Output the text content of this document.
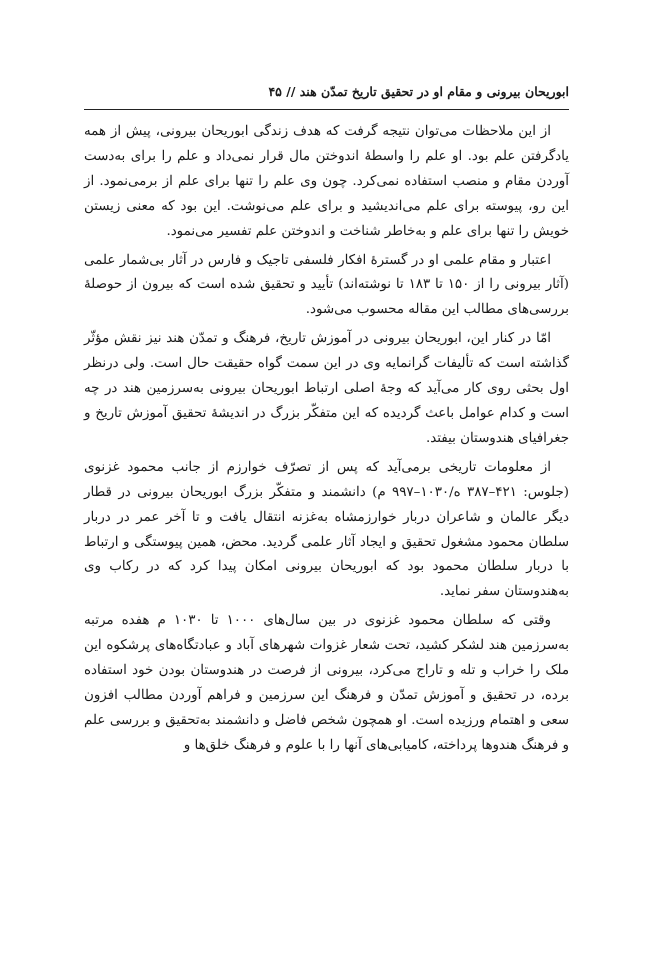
ابوریحان بیرونی و مقام او در تحقیق تاریخ تمدّن هند // ۴۵

از این ملاحظات می‌توان نتیجه گرفت که هدف زندگی ابوریحان بیرونی، پیش از همه یادگرفتن علم بود. او علم را واسطهٔ اندوختن مال قرار نمی‌داد و علم را برای به‌دست آوردن مقام و منصب استفاده نمی‌کرد. چون وی علم را تنها برای علم از برمی‌نمود. از این رو، پیوسته برای علم می‌اندیشید و برای علم می‌نوشت. این بود که معنی زیستن خویش را تنها برای علم و به‌خاطر شناخت و اندوختن علم تفسیر می‌نمود.

اعتبار و مقام علمی او در گسترهٔ افکار فلسفی تاجیک و فارس در آثار بی‌شمار علمی (آثار بیرونی را از ۱۵۰ تا ۱۸۳ تا نوشته‌اند) تأیید و تحقیق شده است که بیرون از حوصلهٔ بررسی‌های مطالب این مقاله محسوب می‌شود.

امّا در کنار این، ابوریحان بیرونی در آموزش تاریخ، فرهنگ و تمدّن هند نیز نقش مؤثّر گذاشته است که تألیفات گرانمایه وی در این سمت گواه حقیقت حال است. ولی درنظر اول بحثی روی کار می‌آید که وجهٔ اصلی ارتباط ابوریحان بیرونی به‌سرزمین هند در چه است و کدام عوامل باعث گردیده که این متفکّر بزرگ در اندیشهٔ تحقیق آموزش تاریخ و جغرافیای هندوستان بیفتد.

از معلومات تاریخی برمی‌آید که پس از تصرّف خوارزم از جانب محمود غزنوی (جلوس: ۴۲۱–۳۸۷ ه/۱۰۳۰–۹۹۷ م) دانشمند و متفکّر بزرگ ابوریحان بیرونی در قطار دیگر عالمان و شاعران دربار خوارزمشاه به‌غزنه انتقال یافت و تا آخر عمر در دربار سلطان محمود مشغول تحقیق و ایجاد آثار علمی گردید. محض، همین پیوستگی و ارتباط با دربار سلطان محمود بود که ابوریحان بیرونی امکان پیدا کرد که در رکاب وی به‌هندوستان سفر نماید.

وقتی که سلطان محمود غزنوی در بین سال‌های ۱۰۰۰ تا ۱۰۳۰ م هفده مرتبه به‌سرزمین هند لشکر کشید، تحت شعار غزوات شهرهای آباد و عبادتگاه‌های پرشکوه این ملک را خراب و تله و تاراج می‌کرد، بیرونی از فرصت در هندوستان بودن خود استفاده برده، در تحقیق و آموزش تمدّن و فرهنگ این سرزمین و فراهم آوردن مطالب افزون سعی و اهتمام ورزیده است. او همچون شخص فاضل و دانشمند به‌تحقیق و بررسی علم و فرهنگ هندوها پرداخته، کامیابی‌های آنها را با علوم و فرهنگ خلق‌ها و
